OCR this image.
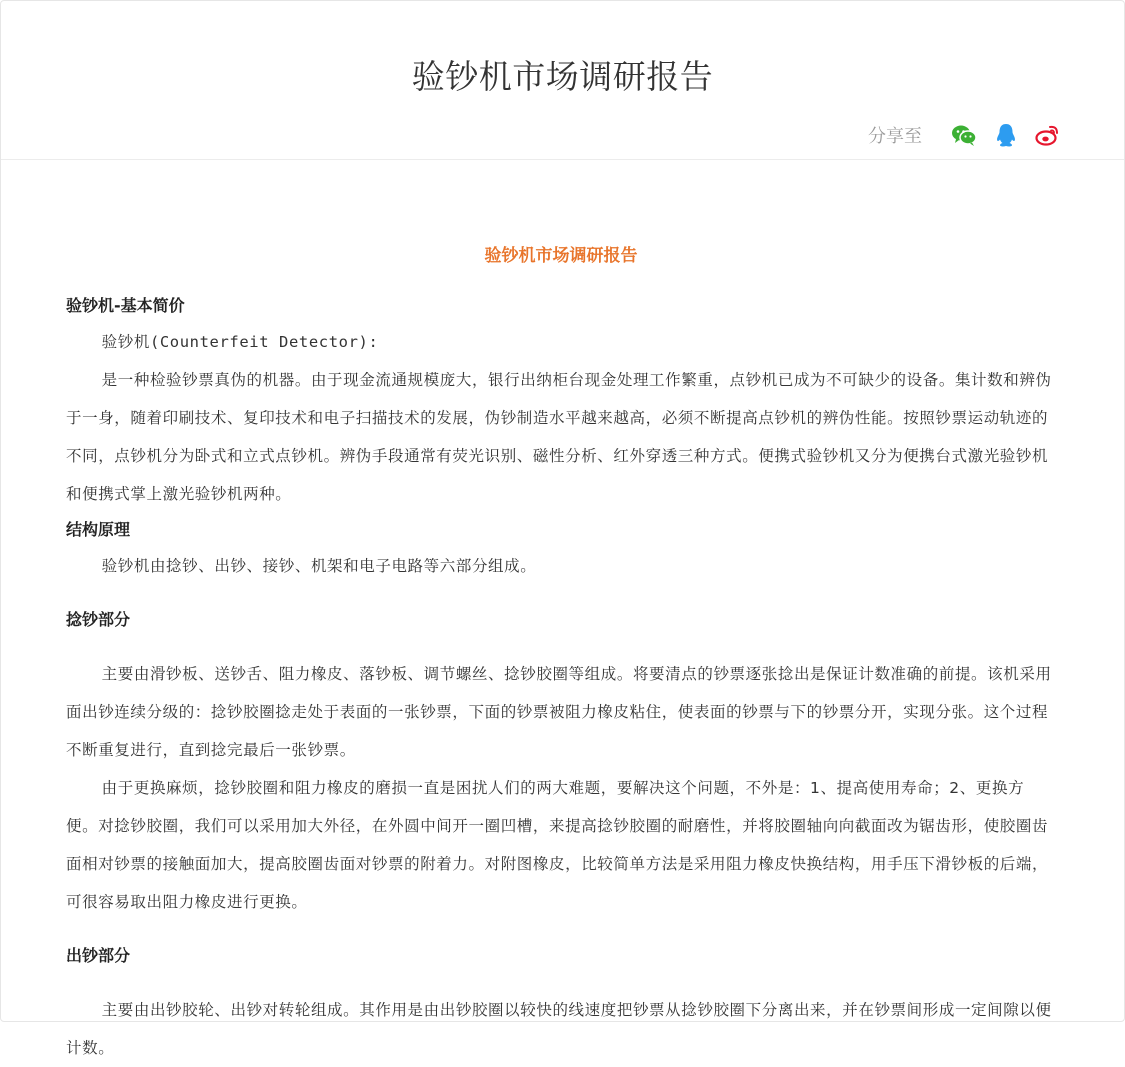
验钞机市场调研报告
分享至

验钞机市场调研报告

验钞机-基本简价

验钞机(Counterfeit Detector):

是一种检验钞票真伪的机器。由于现金流通规模庞大，银行出纳柜台现金处理工作繁重，点钞机已成为不可缺少的设备。集计数和辨伪于一身，随着印刷技术、复印技术和电子扫描技术的发展，伪钞制造水平越来越高，必须不断提高点钞机的辨伪性能。按照钞票运动轨迹的不同，点钞机分为卧式和立式点钞机。辨伪手段通常有荧光识别、磁性分析、红外穿透三种方式。便携式验钞机又分为便携台式激光验钞机和便携式掌上激光验钞机两种。

结构原理

验钞机由捻钞、出钞、接钞、机架和电子电路等六部分组成。

捻钞部分

主要由滑钞板、送钞舌、阻力橡皮、落钞板、调节螺丝、捻钞胶圈等组成。将要清点的钞票逐张捻出是保证计数准确的前提。该机采用面出钞连续分级的：捻钞胶圈捻走处于表面的一张钞票，下面的钞票被阻力橡皮粘住，使表面的钞票与下的钞票分开，实现分张。这个过程不断重复进行，直到捻完最后一张钞票。

由于更换麻烦，捻钞胶圈和阻力橡皮的磨损一直是困扰人们的两大难题，要解决这个问题，不外是：1、提高使用寿命；2、更换方便。对捻钞胶圈，我们可以采用加大外径，在外圆中间开一圈凹槽，来提高捻钞胶圈的耐磨性，并将胶圈轴向向截面改为锯齿形，使胶圈齿面相对钞票的接触面加大，提高胶圈齿面对钞票的附着力。对附图橡皮，比较简单方法是采用阻力橡皮快换结构，用手压下滑钞板的后端，可很容易取出阻力橡皮进行更换。

出钞部分

主要由出钞胶轮、出钞对转轮组成。其作用是由出钞胶圈以较快的线速度把钞票从捻钞胶圈下分离出来，并在钞票间形成一定间隙以便计数。
